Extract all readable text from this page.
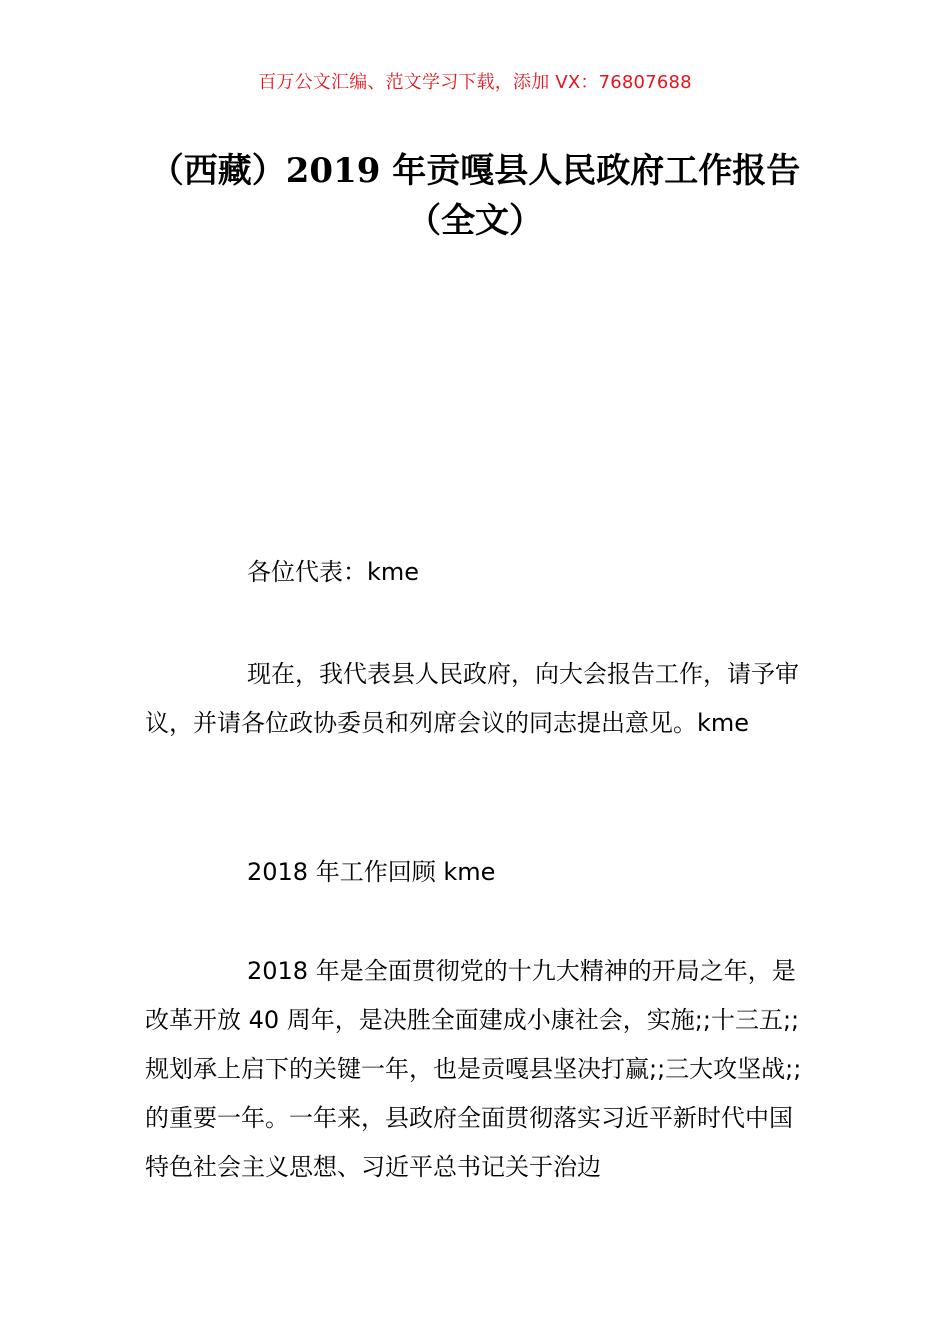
百万公文汇编、范文学习下载，添加 VX：76807688
（西藏）2019 年贡嘎县人民政府工作报告（全文）
各位代表：kme
现在，我代表县人民政府，向大会报告工作，请予审议，并请各位政协委员和列席会议的同志提出意见。kme
2018 年工作回顾 kme
2018 年是全面贯彻党的十九大精神的开局之年，是改革开放 40 周年，是决胜全面建成小康社会，实施;;十三五;;规划承上启下的关键一年，也是贡嘎县坚决打赢;;三大攻坚战;;的重要一年。一年来，县政府全面贯彻落实习近平新时代中国特色社会主义思想、习近平总书记关于治边
